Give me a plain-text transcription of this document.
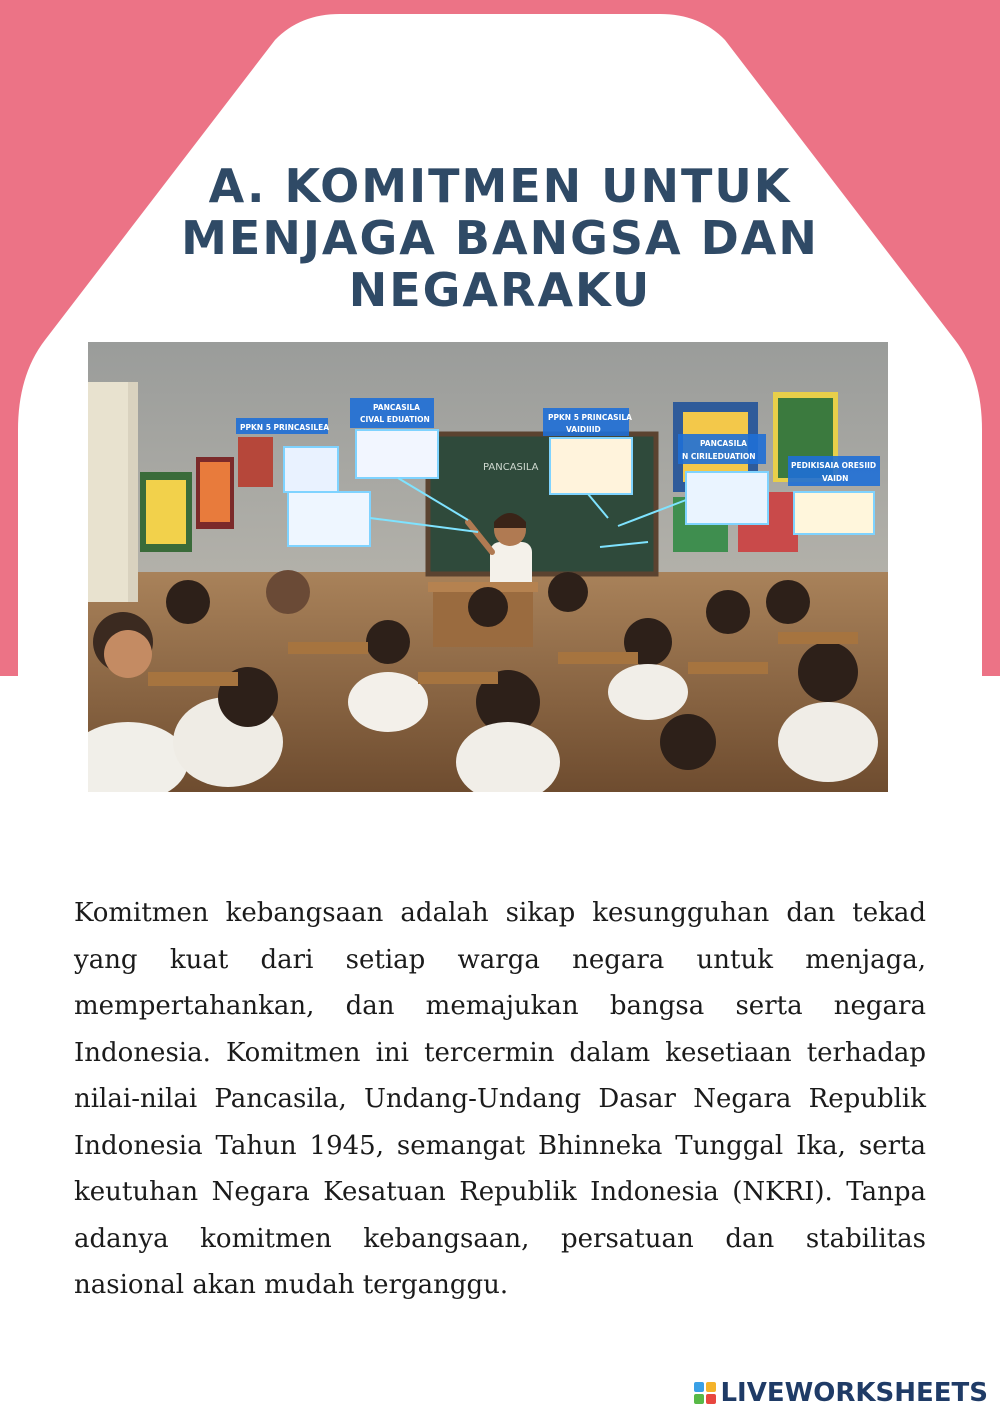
A. KOMITMEN UNTUK
MENJAGA BANGSA DAN
NEGARAKU
PANCASILA
PPKN 5 PRINCASILEA
PANCASILA
CIVAL EDUATION	PPKN 5 PRINCASILA
VAIDIIID
PANCASILA
N CIRILEDUATION
PEDIKISAIA ORESIID
VAIDN

Komitmen kebangsaan adalah sikap kesungguhan dan tekad yang kuat dari setiap warga negara untuk menjaga, mempertahankan, dan memajukan bangsa serta negara Indonesia. Komitmen ini tercermin dalam kesetiaan terhadap nilai-nilai Pancasila, Undang-Undang Dasar Negara Republik Indonesia Tahun 1945, semangat Bhinneka Tunggal Ika, serta keutuhan Negara Kesatuan Republik Indonesia (NKRI). Tanpa adanya komitmen kebangsaan, persatuan dan stabilitas nasional akan mudah terganggu.

LIVEWORKSHEETS
